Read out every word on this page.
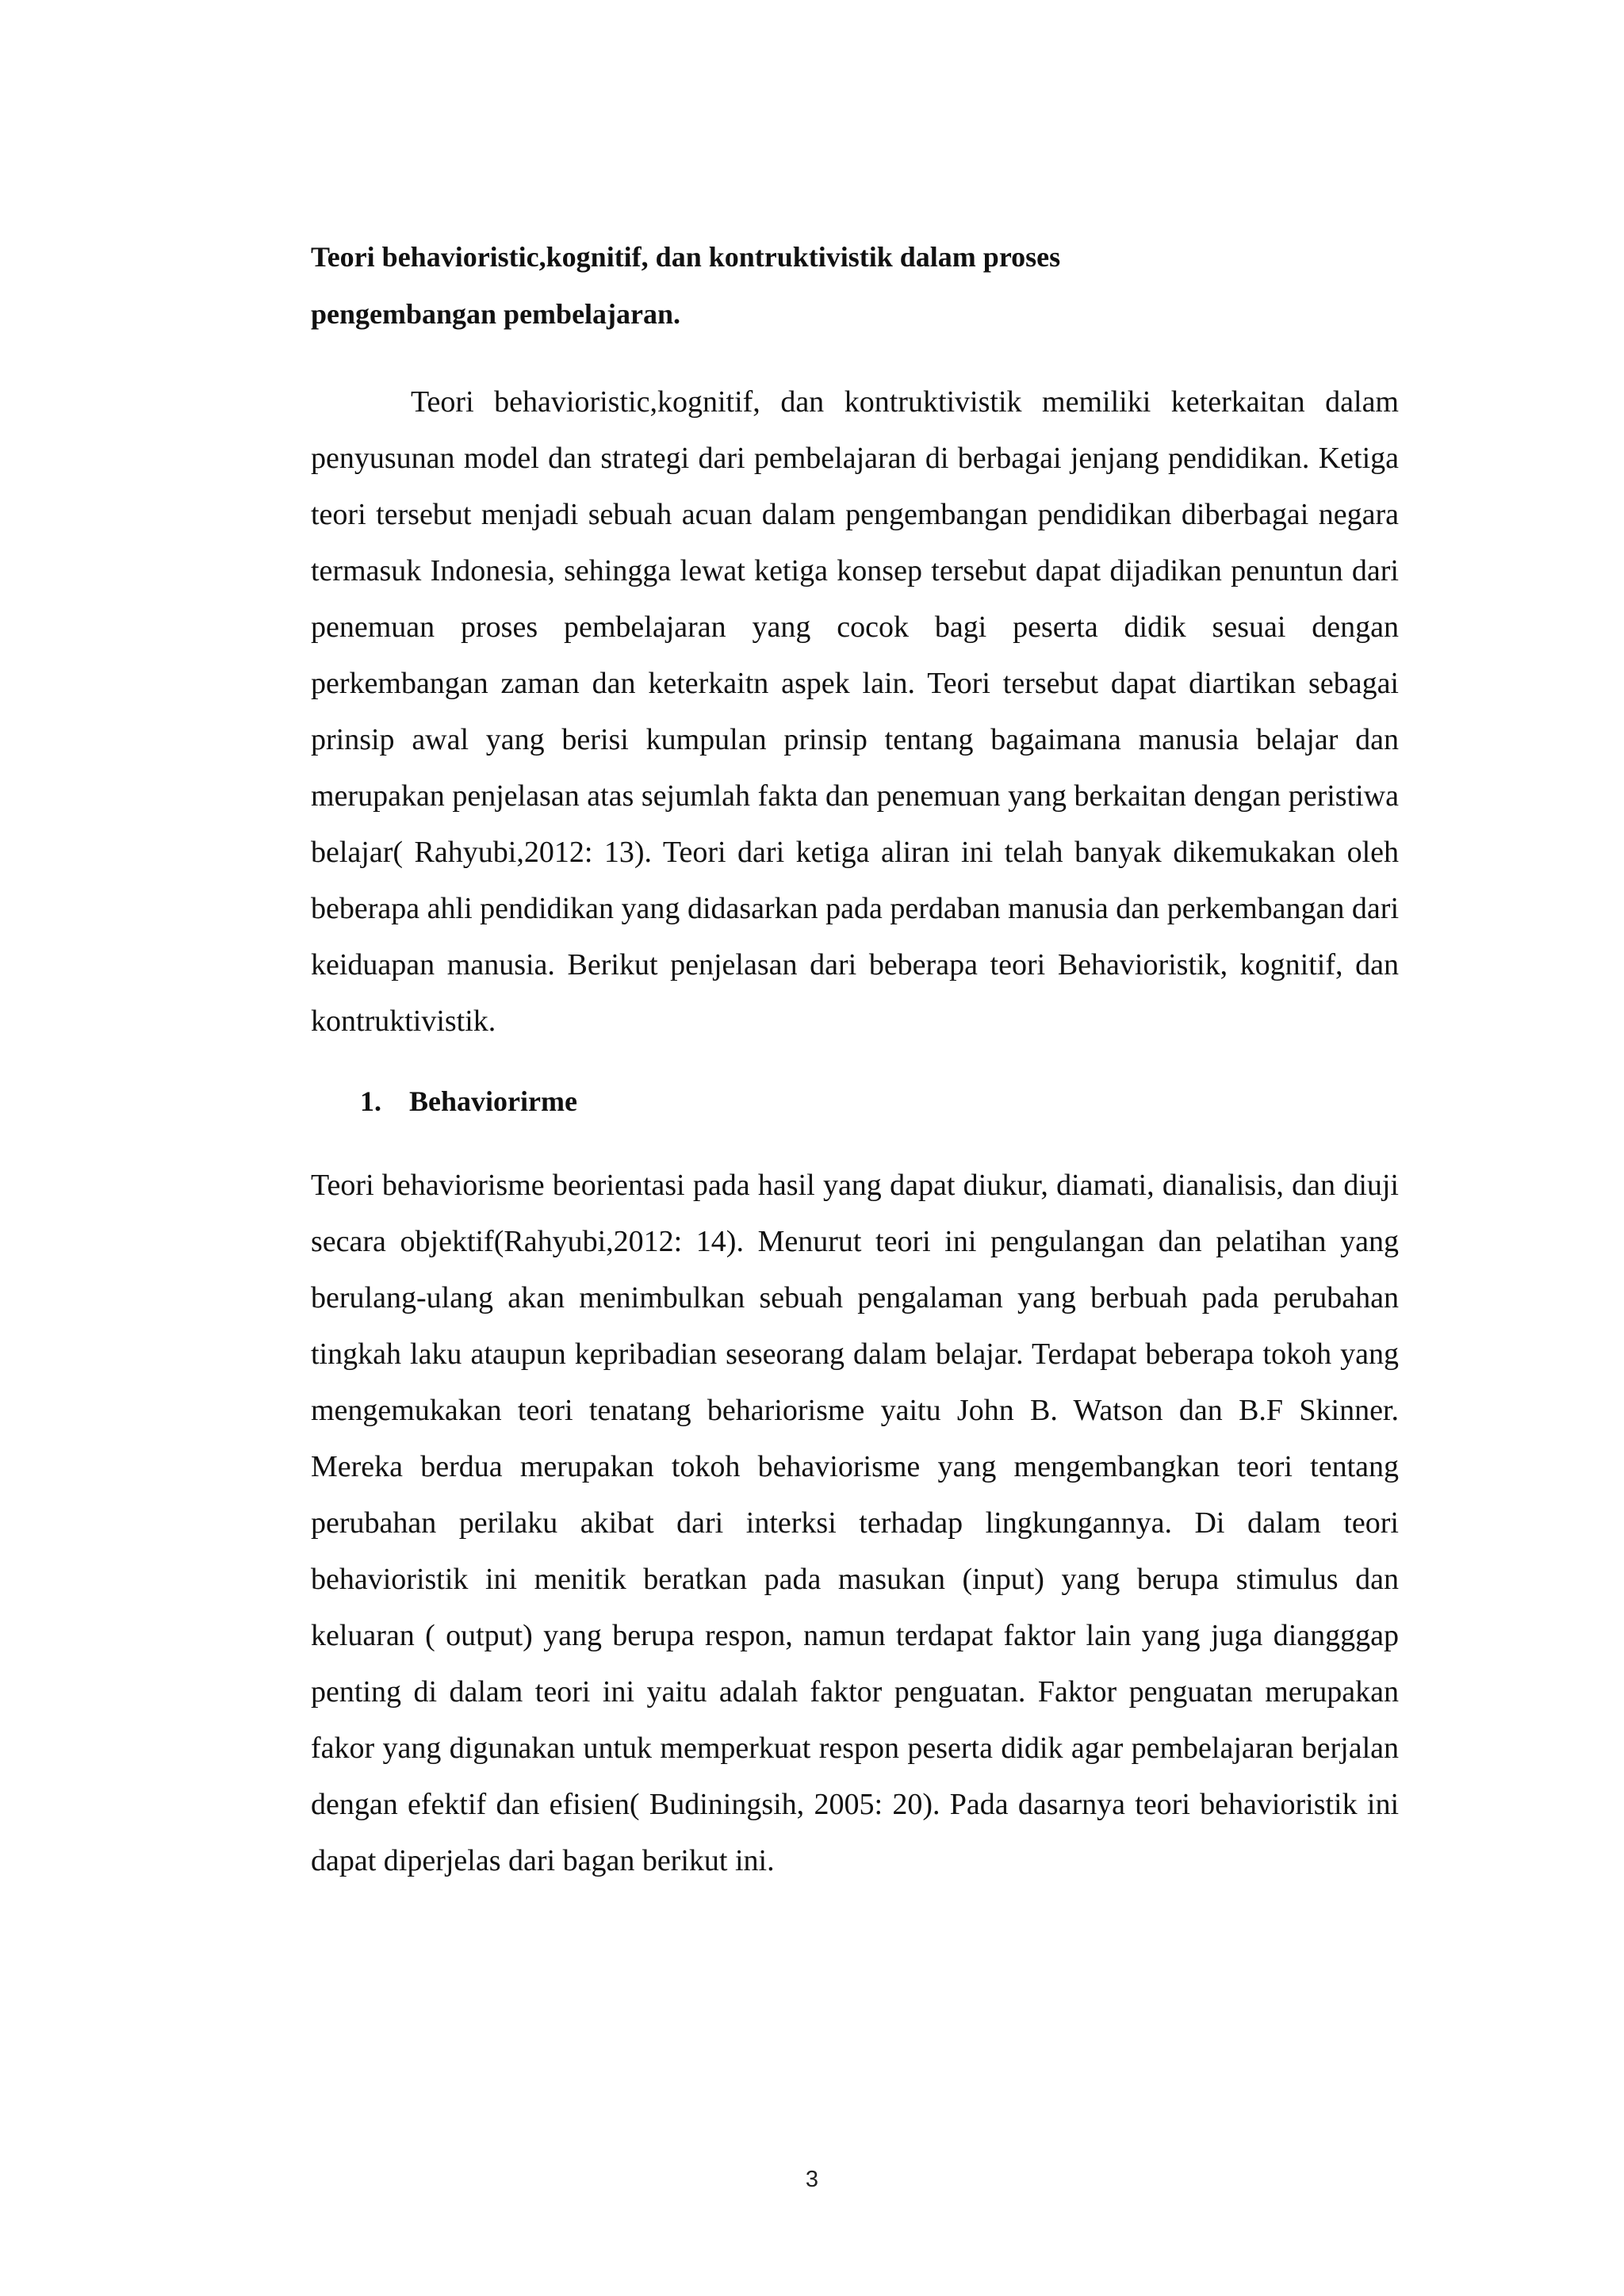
Teori behavioristic,kognitif, dan kontruktivistik dalam proses pengembangan pembelajaran.

Teori behavioristic,kognitif, dan kontruktivistik memiliki keterkaitan dalam penyusunan model dan strategi dari pembelajaran di berbagai jenjang pendidikan. Ketiga teori tersebut menjadi sebuah acuan dalam pengembangan pendidikan diberbagai negara termasuk Indonesia, sehingga lewat ketiga konsep tersebut dapat dijadikan penuntun dari penemuan proses pembelajaran yang cocok bagi peserta didik sesuai dengan perkembangan zaman dan keterkaitn aspek lain. Teori tersebut dapat diartikan sebagai prinsip awal yang berisi kumpulan prinsip tentang bagaimana manusia belajar dan merupakan penjelasan atas sejumlah fakta dan penemuan yang berkaitan dengan peristiwa belajar( Rahyubi,2012: 13). Teori dari ketiga aliran ini telah banyak dikemukakan oleh beberapa ahli pendidikan yang didasarkan pada perdaban manusia dan perkembangan dari keiduapan manusia. Berikut penjelasan dari beberapa teori Behavioristik, kognitif, dan kontruktivistik.

1. Behaviorirme

Teori behaviorisme beorientasi pada hasil yang dapat diukur, diamati, dianalisis, dan diuji secara objektif(Rahyubi,2012: 14). Menurut teori ini pengulangan dan pelatihan yang berulang-ulang akan menimbulkan sebuah pengalaman yang berbuah pada perubahan tingkah laku ataupun kepribadian seseorang dalam belajar. Terdapat beberapa tokoh yang mengemukakan teori tenatang behariorisme yaitu John B. Watson dan B.F Skinner. Mereka berdua merupakan tokoh behaviorisme yang mengembangkan teori tentang perubahan perilaku akibat dari interksi terhadap lingkungannya. Di dalam teori behavioristik ini menitik beratkan pada masukan (input) yang berupa stimulus dan keluaran ( output) yang berupa respon, namun terdapat faktor lain yang juga diangggap penting di dalam teori ini yaitu adalah faktor penguatan. Faktor penguatan merupakan fakor yang digunakan untuk memperkuat respon peserta didik agar pembelajaran berjalan dengan efektif dan efisien( Budiningsih, 2005: 20). Pada dasarnya teori behavioristik ini dapat diperjelas dari bagan berikut ini.

3
